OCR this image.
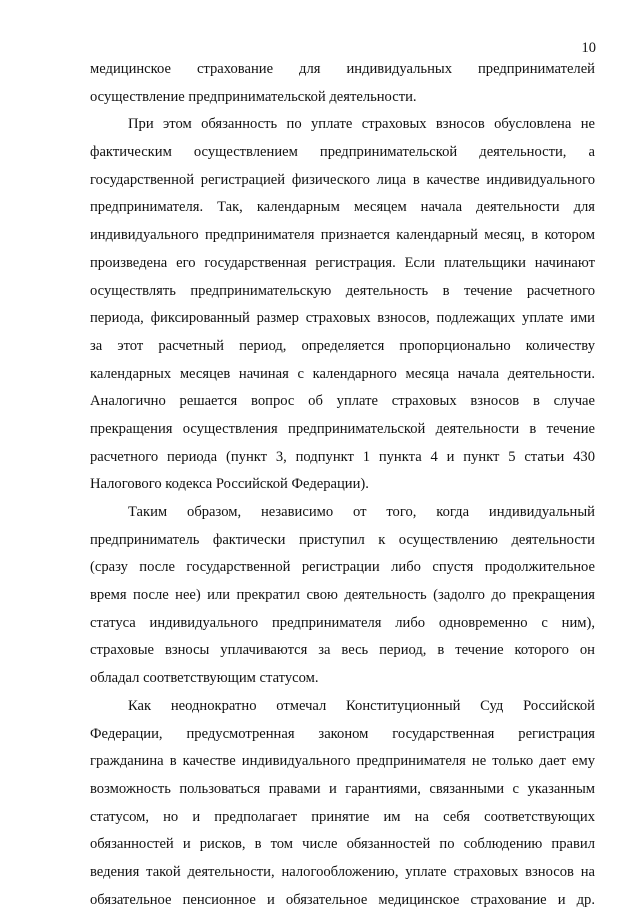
10
медицинское страхование для индивидуальных предпринимателей
осуществление предпринимательской деятельности.
При этом обязанность по уплате страховых взносов обусловлена не
фактическим осуществлением предпринимательской деятельности, а
государственной регистрацией физического лица в качестве индивидуального
предпринимателя. Так, календарным месяцем начала деятельности для
индивидуального предпринимателя признается календарный месяц, в котором
произведена его государственная регистрация. Если плательщики начинают
осуществлять предпринимательскую деятельность в течение расчетного
периода, фиксированный размер страховых взносов, подлежащих уплате ими
за этот расчетный период, определяется пропорционально количеству
календарных месяцев начиная с календарного месяца начала деятельности.
Аналогично решается вопрос об уплате страховых взносов в случае
прекращения осуществления предпринимательской деятельности в течение
расчетного периода (пункт 3, подпункт 1 пункта 4 и пункт 5 статьи 430
Налогового кодекса Российской Федерации).
Таким образом, независимо от того, когда индивидуальный
предприниматель фактически приступил к осуществлению деятельности
(сразу после государственной регистрации либо спустя продолжительное
время после нее) или прекратил свою деятельность (задолго до прекращения
статуса индивидуального предпринимателя либо одновременно с ним),
страховые взносы уплачиваются за весь период, в течение которого он
обладал соответствующим статусом.
Как неоднократно отмечал Конституционный Суд Российской
Федерации, предусмотренная законом государственная регистрация
гражданина в качестве индивидуального предпринимателя не только дает ему
возможность пользоваться правами и гарантиями, связанными с указанным
статусом, но и предполагает принятие им на себя соответствующих
обязанностей и рисков, в том числе обязанностей по соблюдению правил
ведения такой деятельности, налогообложению, уплате страховых взносов на
обязательное пенсионное и обязательное медицинское страхование и др.
